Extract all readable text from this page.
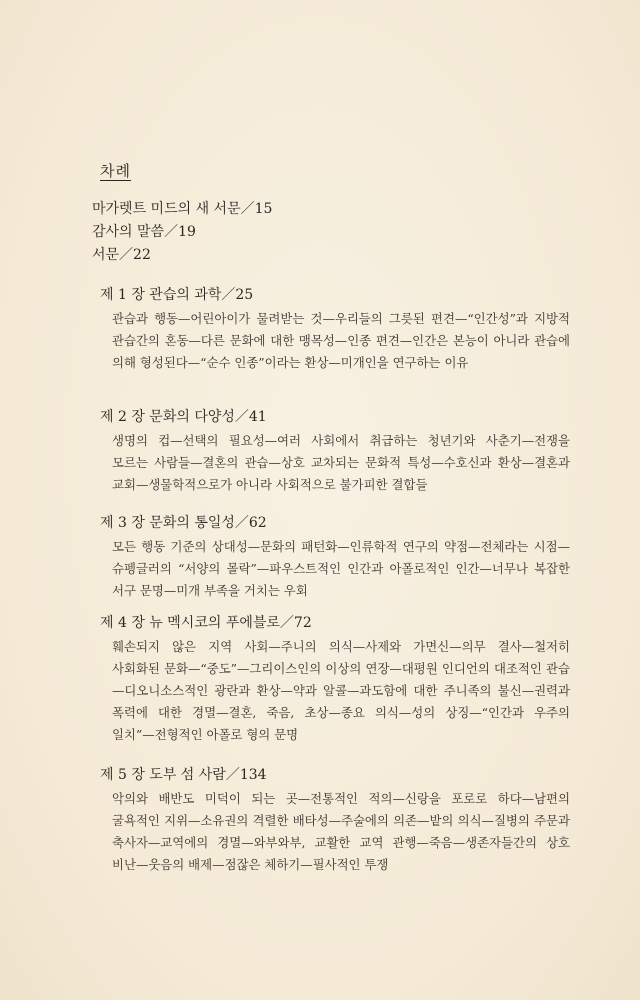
차례
마가렛트 미드의 새 서문／15
감사의 말씀／19
서문／22
제 1 장 관습의 과학／25
관습과 행동—어린아이가 물려받는 것—우리들의 그릇된 편견—“인간성”과 지방적 관습간의 혼동—다른 문화에 대한 맹목성—인종 편견—인간은 본능이 아니라 관습에 의해 형성된다—“순수 인종”이라는 환상—미개인을 연구하는 이유
제 2 장 문화의 다양성／41
생명의 컵—선택의 필요성—여러 사회에서 취급하는 청년기와 사춘기—전쟁을 모르는 사람들—결혼의 관습—상호 교차되는 문화적 특성—수호신과 환상—결혼과 교회—생물학적으로가 아니라 사회적으로 불가피한 결합들
제 3 장 문화의 통일성／62
모든 행동 기준의 상대성—문화의 패턴화—인류학적 연구의 약점—전체라는 시점—슈펭글러의 “서양의 몰락”—파우스트적인 인간과 아폴로적인 인간—너무나 복잡한 서구 문명—미개 부족을 거치는 우회
제 4 장 뉴 멕시코의 푸에블로／72
훼손되지 않은 지역 사회—주니의 의식—사제와 가면신—의무 결사—철저히 사회화된 문화—“중도”—그리이스인의 이상의 연장—대평원 인디언의 대조적인 관습—디오니소스적인 광란과 환상—약과 알콜—과도함에 대한 주니족의 불신—권력과 폭력에 대한 경멸—결혼, 죽음, 초상—종요 의식—성의 상징—“인간과 우주의 일치”—전형적인 아폴로 형의 문명
제 5 장 도부 섬 사람／134
악의와 배반도 미덕이 되는 곳—전통적인 적의—신랑을 포로로 하다—남편의 굴욕적인 지위—소유권의 격렬한 배타성—주술에의 의존—밭의 의식—질병의 주문과 축사자—교역에의 경멸—와부와부, 교활한 교역 관행—죽음—생존자들간의 상호 비난—웃음의 배제—점잖은 체하기—필사적인 투쟁
